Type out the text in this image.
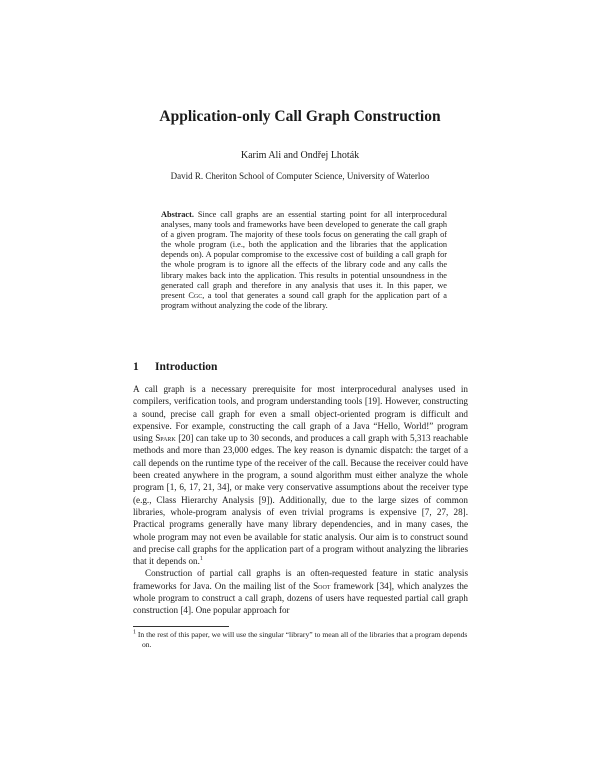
Application-only Call Graph Construction
Karim Ali and Ondřej Lhoták
David R. Cheriton School of Computer Science, University of Waterloo
Abstract. Since call graphs are an essential starting point for all interprocedural analyses, many tools and frameworks have been developed to generate the call graph of a given program. The majority of these tools focus on generating the call graph of the whole program (i.e., both the application and the libraries that the application depends on). A popular compromise to the excessive cost of building a call graph for the whole program is to ignore all the effects of the library code and any calls the library makes back into the application. This results in potential unsoundness in the generated call graph and therefore in any analysis that uses it. In this paper, we present Cgc, a tool that generates a sound call graph for the application part of a program without analyzing the code of the library.
1 Introduction

A call graph is a necessary prerequisite for most interprocedural analyses used in compilers, verification tools, and program understanding tools [19]. However, constructing a sound, precise call graph for even a small object-oriented program is difficult and expensive. For example, constructing the call graph of a Java “Hello, World!” program using Spark [20] can take up to 30 seconds, and produces a call graph with 5,313 reachable methods and more than 23,000 edges. The key reason is dynamic dispatch: the target of a call depends on the runtime type of the receiver of the call. Because the receiver could have been created anywhere in the program, a sound algorithm must either analyze the whole program [1, 6, 17, 21, 34], or make very conservative assumptions about the receiver type (e.g., Class Hierarchy Analysis [9]). Additionally, due to the large sizes of common libraries, whole-program analysis of even trivial programs is expensive [7, 27, 28]. Practical programs generally have many library dependencies, and in many cases, the whole program may not even be available for static analysis. Our aim is to construct sound and precise call graphs for the application part of a program without analyzing the libraries that it depends on.$^1$

Construction of partial call graphs is an often-requested feature in static analysis frameworks for Java. On the mailing list of the Soot framework [34], which analyzes the whole program to construct a call graph, dozens of users have requested partial call graph construction [4]. One popular approach for

$^1$ In the rest of this paper, we will use the singular “library” to mean all of the libraries that a program depends on.
